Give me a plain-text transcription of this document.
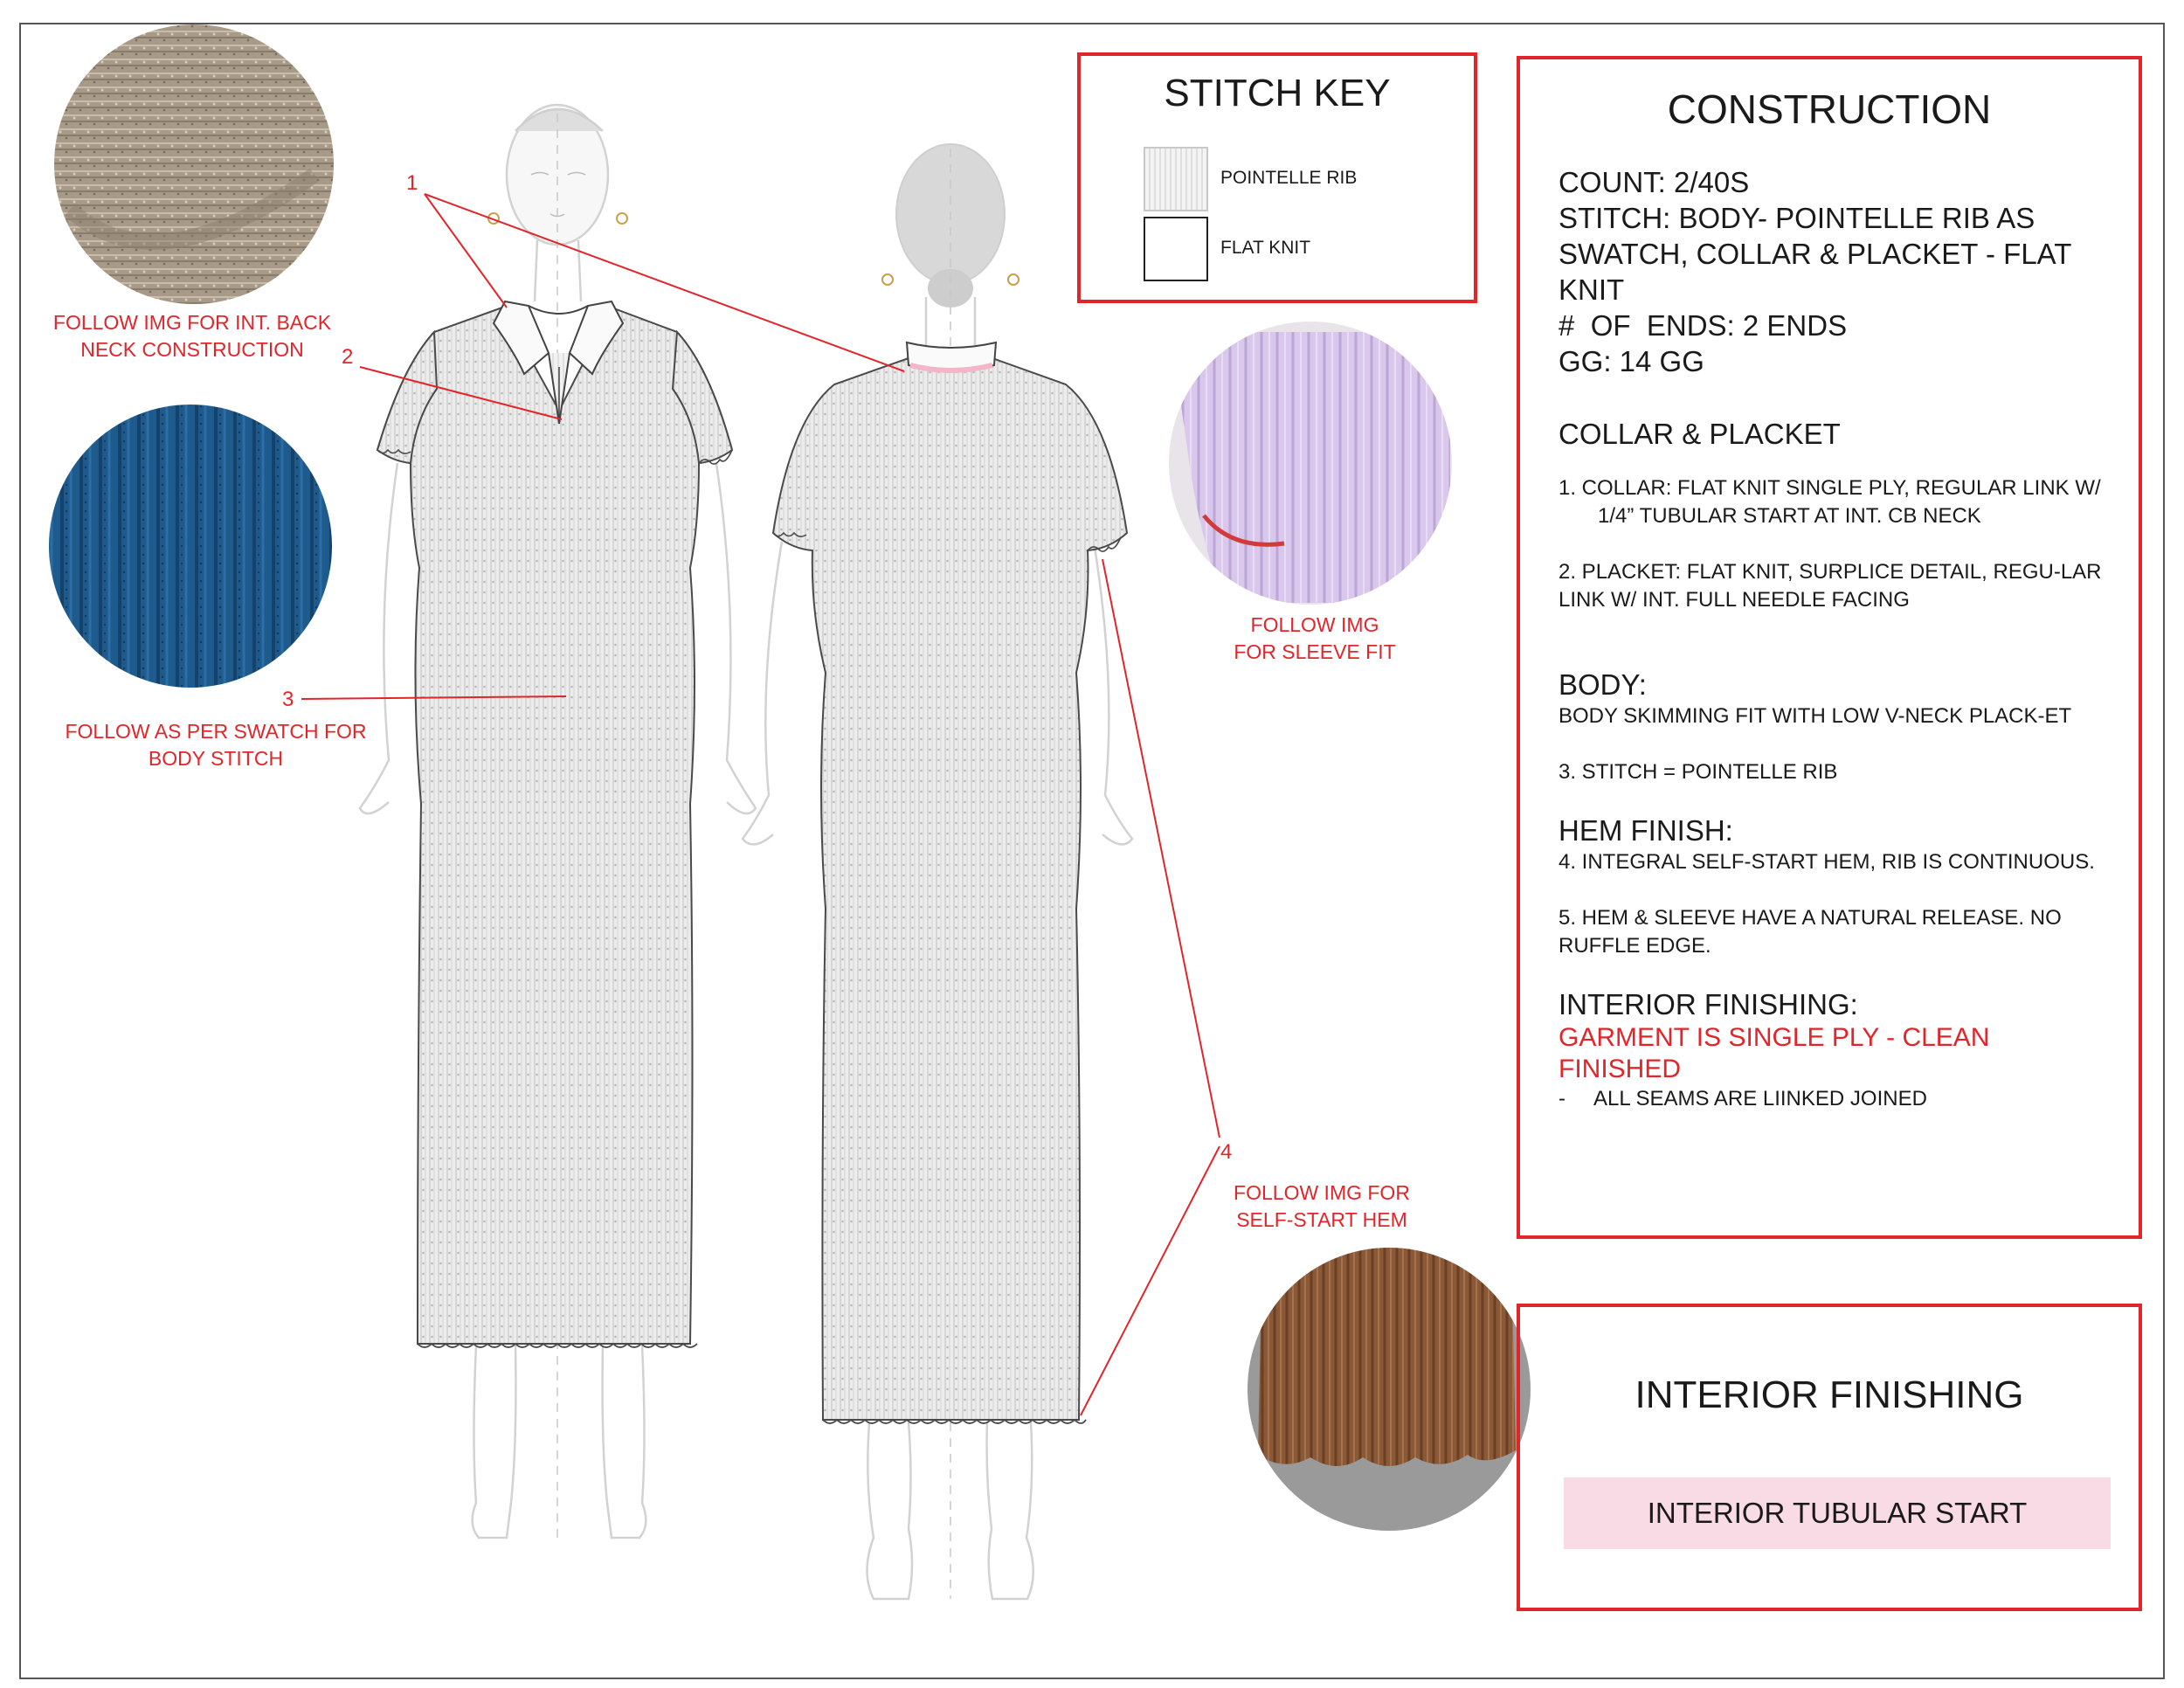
1
2
3
4
FOLLOW IMG FOR INT. BACK NECK CONSTRUCTION
FOLLOW AS PER SWATCH FOR BODY STITCH
FOLLOW IMG FOR SLEEVE FIT
FOLLOW IMG FOR SELF-START HEM
STITCH KEY
POINTELLE RIB
FLAT KNIT
CONSTRUCTION
COUNT: 2/40S
STITCH: BODY- POINTELLE RIB AS SWATCH, COLLAR & PLACKET - FLAT KNIT
#  OF  ENDS: 2 ENDS
GG: 14 GG
COLLAR & PLACKET
1. COLLAR: FLAT KNIT SINGLE PLY, REGULAR LINK W/ 1/4” TUBULAR START AT INT. CB NECK
2. PLACKET: FLAT KNIT, SURPLICE DETAIL, REGU-LAR LINK W/ INT. FULL NEEDLE FACING
BODY:
BODY SKIMMING FIT WITH LOW V-NECK PLACK-ET
3. STITCH = POINTELLE RIB
HEM FINISH:
4. INTEGRAL SELF-START HEM, RIB IS CONTINUOUS.
5. HEM & SLEEVE HAVE A NATURAL RELEASE. NO RUFFLE EDGE.
INTERIOR FINISHING:
GARMENT IS SINGLE PLY - CLEAN FINISHED
-     ALL SEAMS ARE LIINKED JOINED
INTERIOR FINISHING
INTERIOR TUBULAR START
